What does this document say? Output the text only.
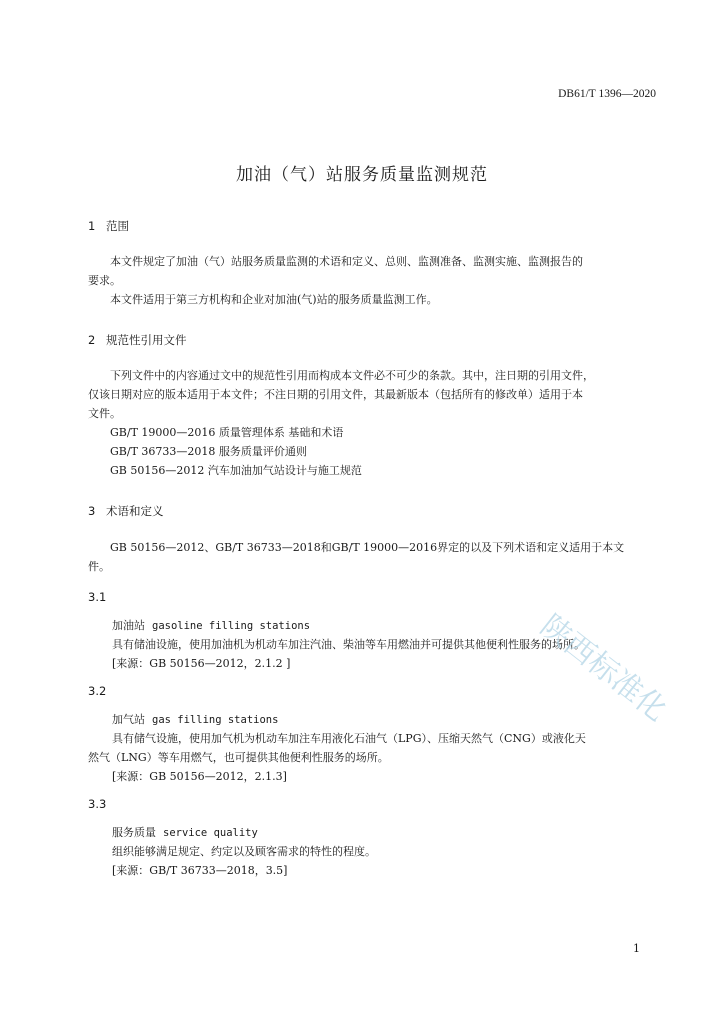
DB61/T 1396—2020
加油（气）站服务质量监测规范
1 范围

本文件规定了加油（气）站服务质量监测的术语和定义、总则、监测准备、监测实施、监测报告的

要求。

本文件适用于第三方机构和企业对加油(气)站的服务质量监测工作。

2 规范性引用文件

下列文件中的内容通过文中的规范性引用而构成本文件必不可少的条款。其中，注日期的引用文件，

仅该日期对应的版本适用于本文件；不注日期的引用文件，其最新版本（包括所有的修改单）适用于本

文件。

GB/T 19000—2016 质量管理体系 基础和术语

GB/T 36733—2018 服务质量评价通则

GB 50156—2012 汽车加油加气站设计与施工规范

3 术语和定义

GB 50156—2012、GB/T 36733—2018和GB/T 19000—2016界定的以及下列术语和定义适用于本文

件。

3.1
加油站 gasoline filling stations
具有储油设施，使用加油机为机动车加注汽油、柴油等车用燃油并可提供其他便利性服务的场所。
[来源：GB 50156—2012，2.1.2 ]
3.2
加气站 gas filling stations
具有储气设施，使用加气机为机动车加注车用液化石油气（LPG）、压缩天然气（CNG）或液化天
然气（LNG）等车用燃气，也可提供其他便利性服务的场所。
[来源：GB 50156—2012，2.1.3]
3.3
服务质量 service quality
组织能够满足规定、约定以及顾客需求的特性的程度。
[来源：GB/T 36733—2018，3.5]
陕西标准化
1
